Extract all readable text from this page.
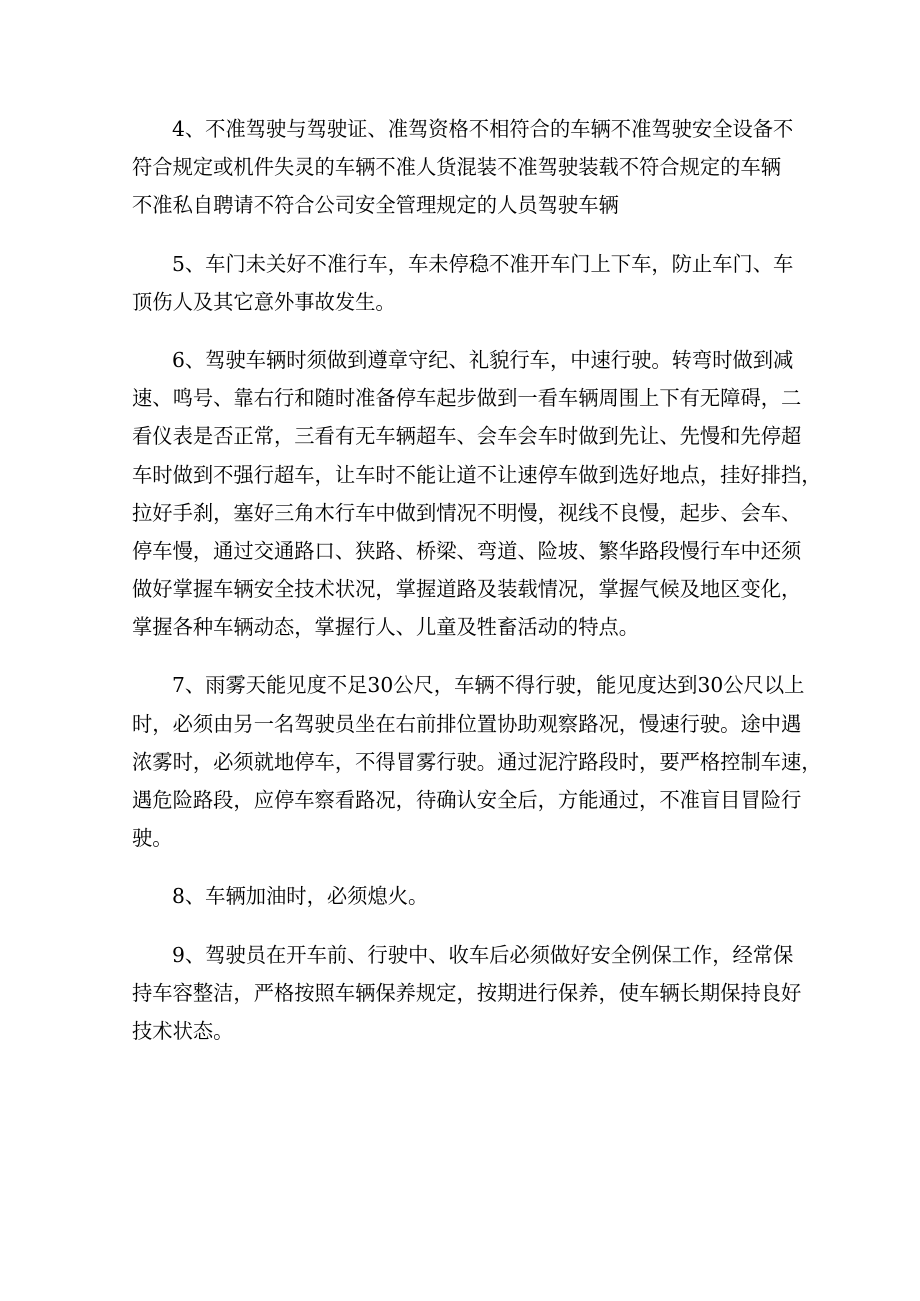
4、不准驾驶与驾驶证、准驾资格不相符合的车辆不准驾驶安全设备不
符合规定或机件失灵的车辆不准人货混装不准驾驶装载不符合规定的车辆
不准私自聘请不符合公司安全管理规定的人员驾驶车辆
5、车门未关好不准行车，车未停稳不准开车门上下车，防止车门、车
顶伤人及其它意外事故发生。
6、驾驶车辆时须做到遵章守纪、礼貌行车，中速行驶。转弯时做到减
速、鸣号、靠右行和随时准备停车起步做到一看车辆周围上下有无障碍，二
看仪表是否正常，三看有无车辆超车、会车会车时做到先让、先慢和先停超
车时做到不强行超车，让车时不能让道不让速停车做到选好地点，挂好排挡，
拉好手刹，塞好三角木行车中做到情况不明慢，视线不良慢，起步、会车、
停车慢，通过交通路口、狭路、桥梁、弯道、险坡、繁华路段慢行车中还须
做好掌握车辆安全技术状况，掌握道路及装载情况，掌握气候及地区变化，
掌握各种车辆动态，掌握行人、儿童及牲畜活动的特点。
7、雨雾天能见度不足30公尺，车辆不得行驶，能见度达到30公尺以上
时，必须由另一名驾驶员坐在右前排位置协助观察路况，慢速行驶。途中遇
浓雾时，必须就地停车，不得冒雾行驶。通过泥泞路段时，要严格控制车速，
遇危险路段，应停车察看路况，待确认安全后，方能通过，不准盲目冒险行
驶。
8、车辆加油时，必须熄火。
9、驾驶员在开车前、行驶中、收车后必须做好安全例保工作，经常保
持车容整洁，严格按照车辆保养规定，按期进行保养，使车辆长期保持良好
技术状态。
